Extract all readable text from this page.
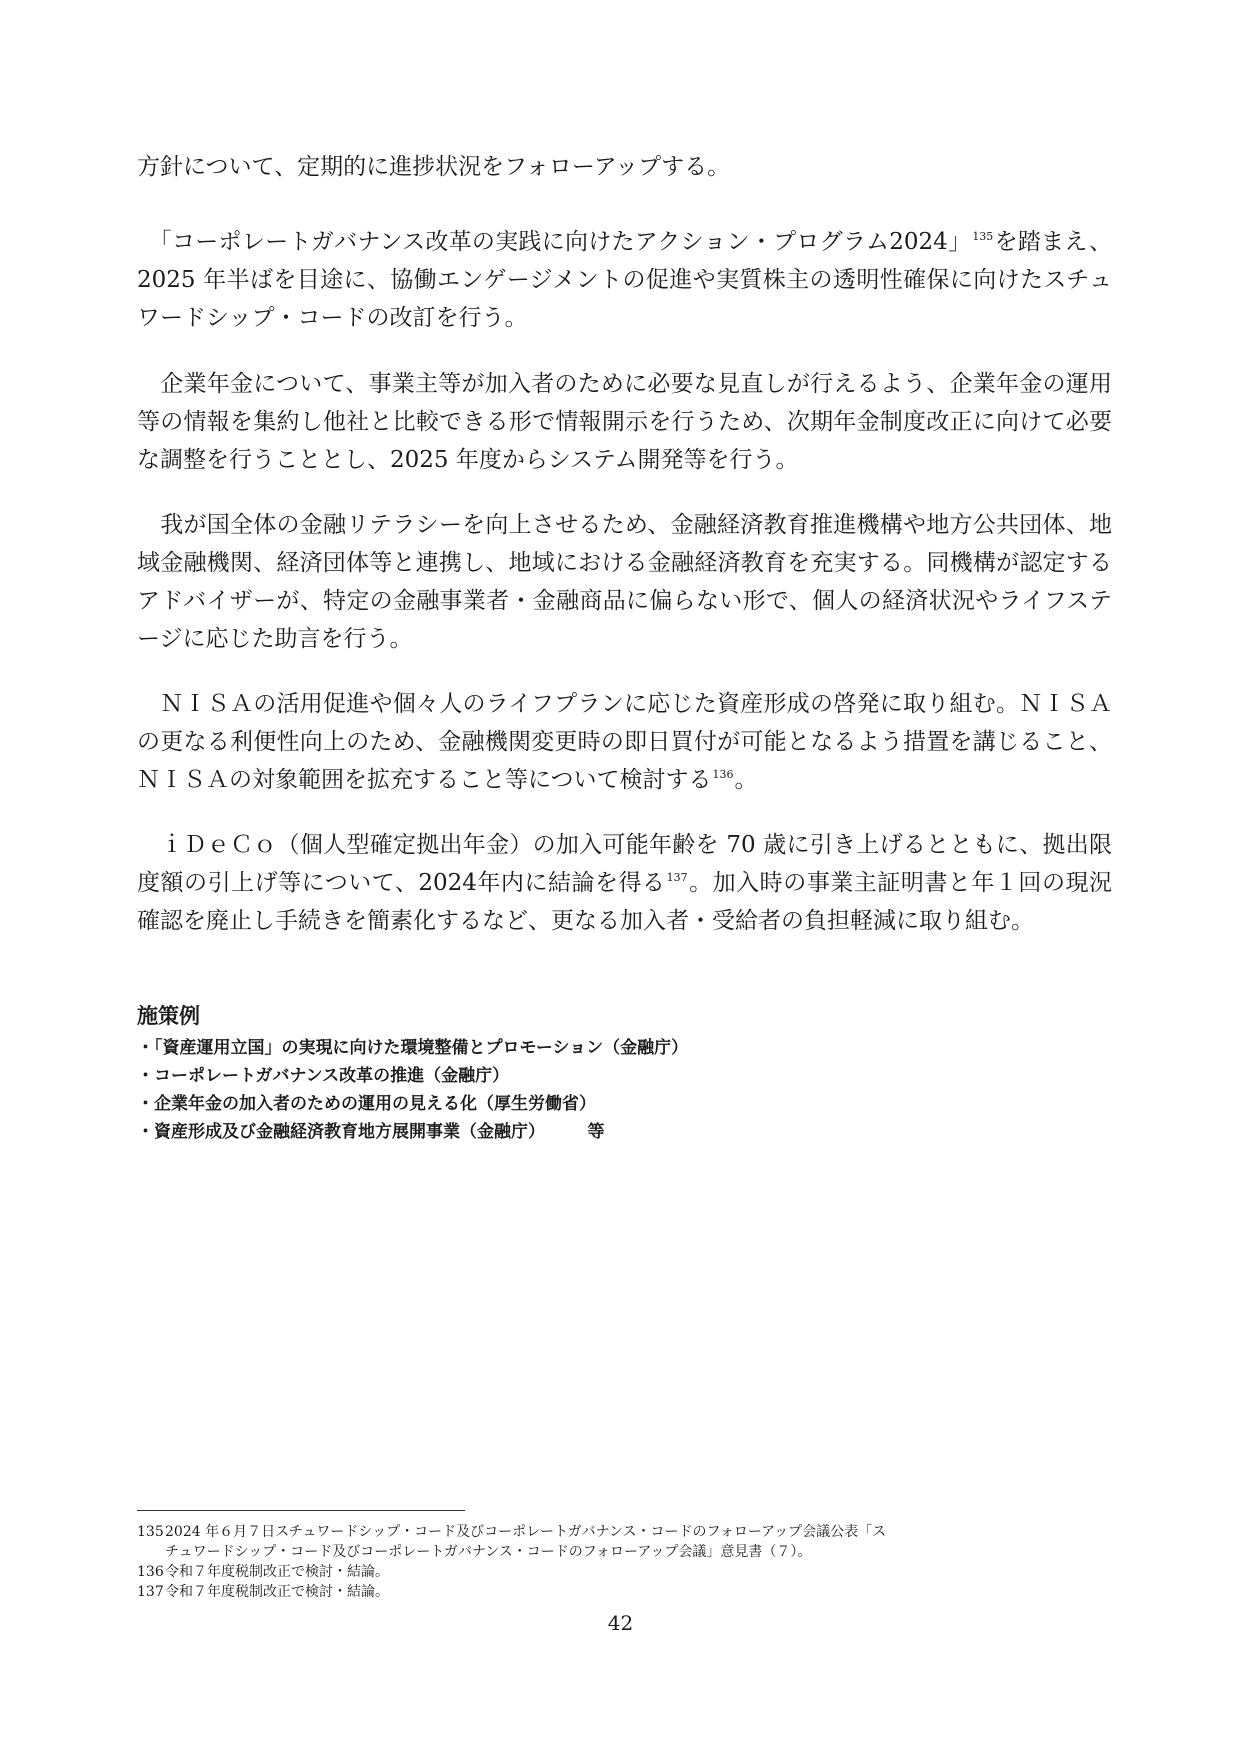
方針について、定期的に進捗状況をフォローアップする。

　「コーポレートガバナンス改革の実践に向けたアクション・プログラム2024」$^{135}$を踏まえ、2025 年半ばを目途に、協働エンゲージメントの促進や実質株主の透明性確保に向けたスチュワードシップ・コードの改訂を行う。

　企業年金について、事業主等が加入者のために必要な見直しが行えるよう、企業年金の運用等の情報を集約し他社と比較できる形で情報開示を行うため、次期年金制度改正に向けて必要な調整を行うこととし、2025 年度からシステム開発等を行う。

　我が国全体の金融リテラシーを向上させるため、金融経済教育推進機構や地方公共団体、地域金融機関、経済団体等と連携し、地域における金融経済教育を充実する。同機構が認定するアドバイザーが、特定の金融事業者・金融商品に偏らない形で、個人の経済状況やライフステージに応じた助言を行う。

　ＮＩＳＡの活用促進や個々人のライフプランに応じた資産形成の啓発に取り組む。ＮＩＳＡの更なる利便性向上のため、金融機関変更時の即日買付が可能となるよう措置を講じること、ＮＩＳＡの対象範囲を拡充すること等について検討する$^{136}$。

　ｉＤｅＣｏ（個人型確定拠出年金）の加入可能年齢を 70 歳に引き上げるとともに、拠出限度額の引上げ等について、2024年内に結論を得る$^{137}$。加入時の事業主証明書と年１回の現況確認を廃止し手続きを簡素化するなど、更なる加入者・受給者の負担軽減に取り組む。

施策例
・「資産運用立国」の実現に向けた環境整備とプロモーション（金融庁）
・コーポレートガバナンス改革の推進（金融庁）
・企業年金の加入者のための運用の見える化（厚生労働省）
・資産形成及び金融経済教育地方展開事業（金融庁）　　　等

1352024 年６月７日スチュワードシップ・コード及びコーポレートガバナンス・コードのフォローアップ会議公表「ス

チュワードシップ・コード及びコーポレートガバナンス・コードのフォローアップ会議」意見書（７）。

136令和７年度税制改正で検討・結論。

137令和７年度税制改正で検討・結論。

42
